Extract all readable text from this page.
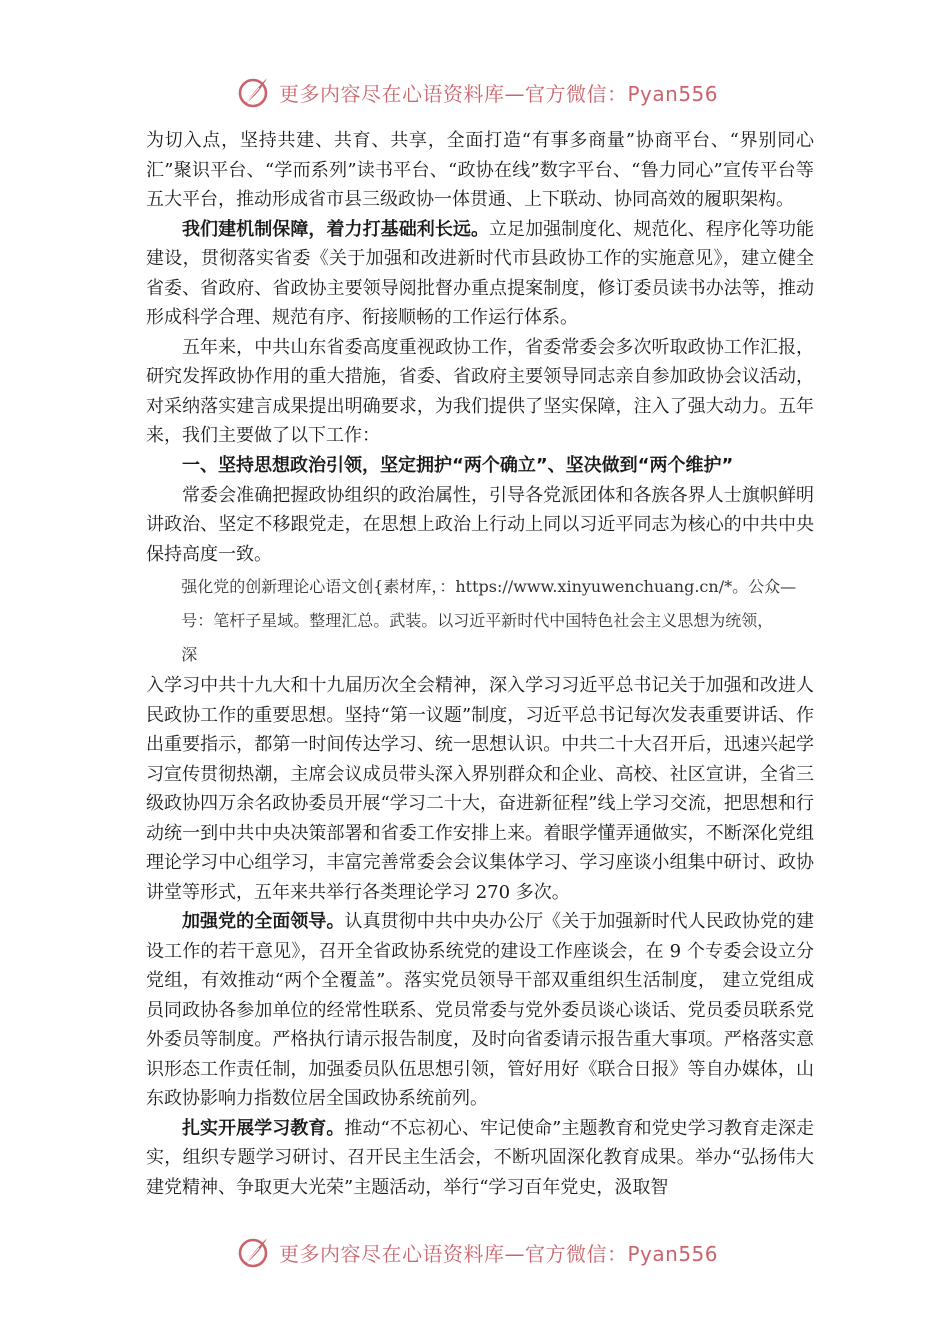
更多内容尽在心语资料库—官方微信：Pyan556

为切入点，坚持共建、共育、共享，全面打造“有事多商量”协商平台、“界别同心汇”聚识平台、“学而系列”读书平台、“政协在线”数字平台、“鲁力同心”宣传平台等五大平台，推动形成省市县三级政协一体贯通、上下联动、协同高效的履职架构。

我们建机制保障，着力打基础利长远。立足加强制度化、规范化、程序化等功能建设，贯彻落实省委《关于加强和改进新时代市县政协工作的实施意见》，建立健全省委、省政府、省政协主要领导阅批督办重点提案制度，修订委员读书办法等，推动形成科学合理、规范有序、衔接顺畅的工作运行体系。

五年来，中共山东省委高度重视政协工作，省委常委会多次听取政协工作汇报，研究发挥政协作用的重大措施，省委、省政府主要领导同志亲自参加政协会议活动，对采纳落实建言成果提出明确要求，为我们提供了坚实保障，注入了强大动力。五年来，我们主要做了以下工作：

一、坚持思想政治引领，坚定拥护“两个确立”、坚决做到“两个维护”

常委会准确把握政协组织的政治属性，引导各党派团体和各族各界人士旗帜鲜明讲政治、坚定不移跟党走，在思想上政治上行动上同以习近平同志为核心的中共中央保持高度一致。

强化党的创新理论心语文创{素材库，：https://www.xinyuwenchuang.cn/*。公众—

号：笔杆子星域。整理汇总。武装。以习近平新时代中国特色社会主义思想为统领，

深

入学习中共十九大和十九届历次全会精神，深入学习习近平总书记关于加强和改进人民政协工作的重要思想。坚持“第一议题”制度，习近平总书记每次发表重要讲话、作出重要指示，都第一时间传达学习、统一思想认识。中共二十大召开后，迅速兴起学习宣传贯彻热潮，主席会议成员带头深入界别群众和企业、高校、社区宣讲，全省三级政协四万余名政协委员开展“学习二十大，奋进新征程”线上学习交流，把思想和行动统一到中共中央决策部署和省委工作安排上来。着眼学懂弄通做实，不断深化党组理论学习中心组学习，丰富完善常委会会议集体学习、学习座谈小组集中研讨、政协讲堂等形式，五年来共举行各类理论学习 270 多次。

加强党的全面领导。认真贯彻中共中央办公厅《关于加强新时代人民政协党的建设工作的若干意见》，召开全省政协系统党的建设工作座谈会，在 9 个专委会设立分党组，有效推动“两个全覆盖”。落实党员领导干部双重组织生活制度， 建立党组成员同政协各参加单位的经常性联系、党员常委与党外委员谈心谈话、党员委员联系党外委员等制度。严格执行请示报告制度，及时向省委请示报告重大事项。严格落实意识形态工作责任制，加强委员队伍思想引领，管好用好《联合日报》等自办媒体，山东政协影响力指数位居全国政协系统前列。

扎实开展学习教育。推动“不忘初心、牢记使命”主题教育和党史学习教育走深走实，组织专题学习研讨、召开民主生活会，不断巩固深化教育成果。举办“弘扬伟大建党精神、争取更大光荣”主题活动，举行“学习百年党史，汲取智

更多内容尽在心语资料库—官方微信：Pyan556
